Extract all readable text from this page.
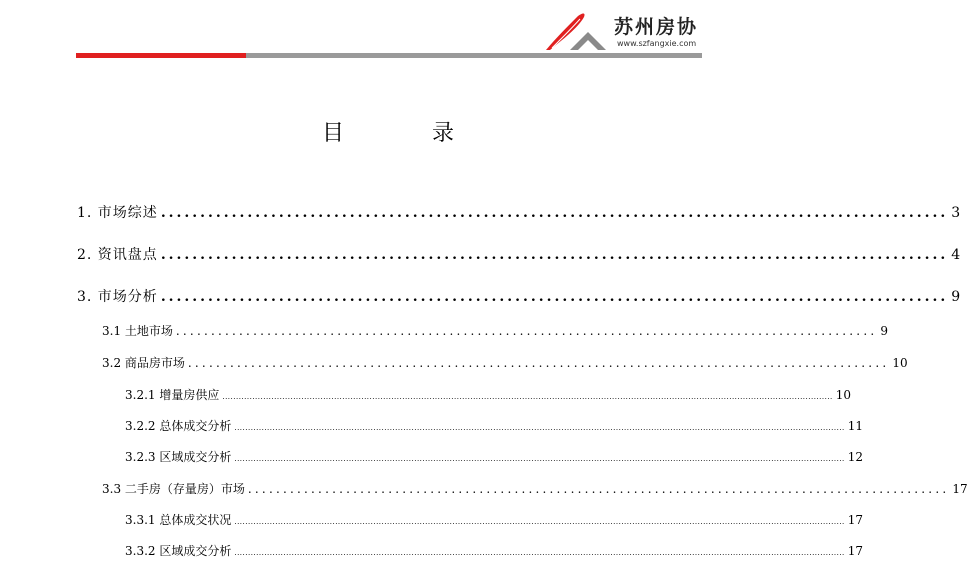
苏州房协
www.szfangxie.com
目	录
1. 市场综述 .................................................................................................... 3
2. 资讯盘点 .................................................................................................... 4
3. 市场分析 .................................................................................................... 9
3.1 土地市场 .................................................................................................... 9
3.2 商品房市场 .................................................................................................... 10
3.2.1 增量房供应 ................................................................................................................................................................................................................................ 10
3.2.2 总体成交分析 ................................................................................................................................................................................................................................ 11
3.2.3 区域成交分析 ................................................................................................................................................................................................................................ 12
3.3 二手房（存量房）市场 .................................................................................................... 17
3.3.1 总体成交状况 ................................................................................................................................................................................................................................ 17
3.3.2 区域成交分析 ................................................................................................................................................................................................................................ 17
